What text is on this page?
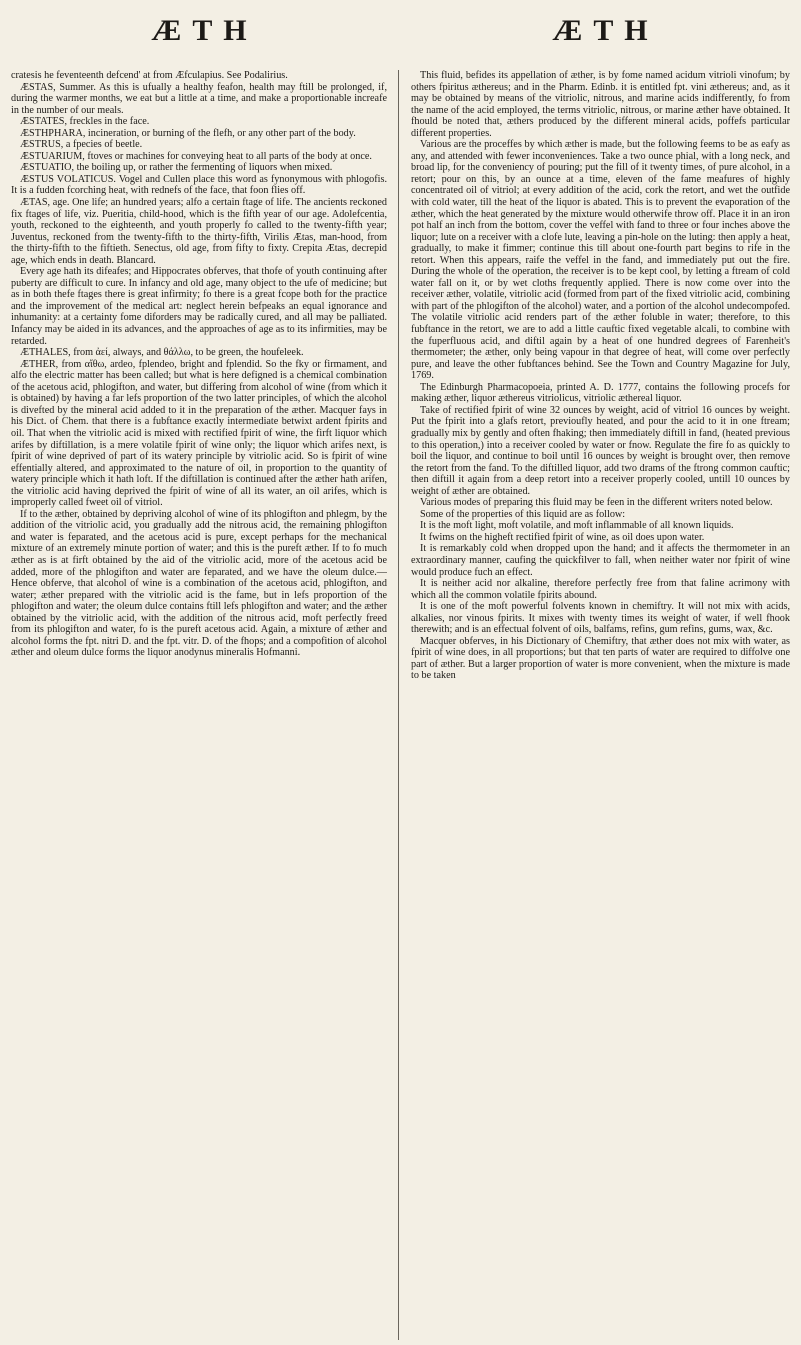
Æ T H	Æ T H

cratesis he feventeenth defcend' at from Æfculapius. See Podalirius.

ÆSTAS, Summer. As this is ufually a healthy feafon, health may ftill be prolonged, if, during the warmer months, we eat but a little at a time, and make a proportionable increafe in the number of our meals.

ÆSTATES, freckles in the face.

ÆSTHPHARA, incineration, or burning of the flefh, or any other part of the body.

ÆSTRUS, a fpecies of beetle.

ÆSTUARIUM, ftoves or machines for conveying heat to all parts of the body at once.

ÆSTUATIO, the boiling up, or rather the fermenting of liquors when mixed.

ÆSTUS VOLATICUS. Vogel and Cullen place this word as fynonymous with phlogofis. It is a fudden fcorching heat, with rednefs of the face, that foon flies off.

ÆTAS, age. One life; an hundred years; alfo a certain ftage of life. The ancients reckoned fix ftages of life, viz. Pueritia, child-hood, which is the fifth year of our age. Adolefcentia, youth, reckoned to the eighteenth, and youth properly fo called to the twenty-fifth year; Juventus, reckoned from the twenty-fifth to the thirty-fifth, Virilis Ætas, man-hood, from the thirty-fifth to the fiftieth. Senectus, old age, from fifty to fixty. Crepita Ætas, decrepid age, which ends in death. Blancard.

Every age hath its difeafes; and Hippocrates obferves, that thofe of youth continuing after puberty are difficult to cure. In infancy and old age, many object to the ufe of medicine; but as in both thefe ftages there is great infirmity; fo there is a great fcope both for the practice and the improvement of the medical art: neglect herein befpeaks an equal ignorance and inhumanity: at a certainty fome diforders may be radically cured, and all may be palliated. Infancy may be aided in its advances, and the approaches of age as to its infirmities, may be retarded.

ÆTHALES, from ἀεί, always, and θάλλω, to be green, the houfeleek.

ÆTHER, from αἴθω, ardeo, fplendeo, bright and fplendid. So the fky or firmament, and alfo the electric matter has been called; but what is here defigned is a chemical combination of the acetous acid, phlogifton, and water, but differing from alcohol of wine (from which it is obtained) by having a far lefs proportion of the two latter principles, of which the alcohol is divefted by the mineral acid added to it in the preparation of the æther. Macquer fays in his Dict. of Chem. that there is a fubftance exactly intermediate betwixt ardent fpirits and oil. That when the vitriolic acid is mixed with rectified fpirit of wine, the firft liquor which arifes by diftillation, is a mere volatile fpirit of wine only; the liquor which arifes next, is fpirit of wine deprived of part of its watery principle by vitriolic acid. So is fpirit of wine effentially altered, and approximated to the nature of oil, in proportion to the quantity of watery principle which it hath loft. If the diftillation is continued after the æther hath arifen, the vitriolic acid having deprived the fpirit of wine of all its water, an oil arifes, which is improperly called fweet oil of vitriol.

If to the æther, obtained by depriving alcohol of wine of its phlogifton and phlegm, by the addition of the vitriolic acid, you gradually add the nitrous acid, the remaining phlogifton and water is feparated, and the acetous acid is pure, except perhaps for the mechanical mixture of an extremely minute portion of water; and this is the pureft æther. If to fo much æther as is at firft obtained by the aid of the vitriolic acid, more of the acetous acid be added, more of the phlogifton and water are feparated, and we have the oleum dulce.—Hence obferve, that alcohol of wine is a combination of the acetous acid, phlogifton, and water; æther prepared with the vitriolic acid is the fame, but in lefs proportion of the phlogifton and water; the oleum dulce contains ftill lefs phlogifton and water; and the æther obtained by the vitriolic acid, with the addition of the nitrous acid, moft perfectly freed from its phlogifton and water, fo is the pureft acetous acid. Again, a mixture of æther and alcohol forms the fpt. nitri D. and the fpt. vitr. D. of the fhops; and a compofition of alcohol æther and oleum dulce forms the liquor anodynus mineralis Hofmanni.

This fluid, befides its appellation of æther, is by fome named acidum vitrioli vinofum; by others fpiritus æthereus; and in the Pharm. Edinb. it is entitled fpt. vini æthereus; and, as it may be obtained by means of the vitriolic, nitrous, and marine acids indifferently, fo from the name of the acid employed, the terms vitriolic, nitrous, or marine æther have obtained. It fhould be noted that, æthers produced by the different mineral acids, poffefs particular different properties.

Various are the proceffes by which æther is made, but the following feems to be as eafy as any, and attended with fewer inconveniences. Take a two ounce phial, with a long neck, and broad lip, for the conveniency of pouring; put the fill of it twenty times, of pure alcohol, in a retort; pour on this, by an ounce at a time, eleven of the fame meafures of highly concentrated oil of vitriol; at every addition of the acid, cork the retort, and wet the outfide with cold water, till the heat of the liquor is abated. This is to prevent the evaporation of the æther, which the heat generated by the mixture would otherwife throw off. Place it in an iron pot half an inch from the bottom, cover the veffel with fand to three or four inches above the liquor; lute on a receiver with a clofe lute, leaving a pin-hole on the luting: then apply a heat, gradually, to make it fimmer; continue this till about one-fourth part begins to rife in the retort. When this appears, raife the veffel in the fand, and immediately put out the fire. During the whole of the operation, the receiver is to be kept cool, by letting a ftream of cold water fall on it, or by wet cloths frequently applied. There is now come over into the receiver æther, volatile, vitriolic acid (formed from part of the fixed vitriolic acid, combining with part of the phlogifton of the alcohol) water, and a portion of the alcohol undecompofed. The volatile vitriolic acid renders part of the æther foluble in water; therefore, to this fubftance in the retort, we are to add a little cauftic fixed vegetable alcali, to combine with the fuperfluous acid, and diftil again by a heat of one hundred degrees of Farenheit's thermometer; the æther, only being vapour in that degree of heat, will come over perfectly pure, and leave the other fubftances behind. See the Town and Country Magazine for July, 1769.

The Edinburgh Pharmacopoeia, printed A. D. 1777, contains the following procefs for making æther, liquor æthereus vitriolicus, vitriolic æthereal liquor.

Take of rectified fpirit of wine 32 ounces by weight, acid of vitriol 16 ounces by weight. Put the fpirit into a glafs retort, previoufly heated, and pour the acid to it in one ftream; gradually mix by gently and often fhaking; then immediately diftill in fand, (heated previous to this operation,) into a receiver cooled by water or fnow. Regulate the fire fo as quickly to boil the liquor, and continue to boil until 16 ounces by weight is brought over, then remove the retort from the fand. To the diftilled liquor, add two drams of the ftrong common cauftic; then diftill it again from a deep retort into a receiver properly cooled, untill 10 ounces by weight of æther are obtained.

Various modes of preparing this fluid may be feen in the different writers noted below.

Some of the properties of this liquid are as follow:

It is the moft light, moft volatile, and moft inflammable of all known liquids.

It fwims on the higheft rectified fpirit of wine, as oil does upon water.

It is remarkably cold when dropped upon the hand; and it affects the thermometer in an extraordinary manner, caufing the quickfilver to fall, when neither water nor fpirit of wine would produce fuch an effect.

It is neither acid nor alkaline, therefore perfectly free from that faline acrimony with which all the common volatile fpirits abound.

It is one of the moft powerful folvents known in chemiftry. It will not mix with acids, alkalies, nor vinous fpirits. It mixes with twenty times its weight of water, if well fhook therewith; and is an effectual folvent of oils, balfams, refins, gum refins, gums, wax, &c.

Macquer obferves, in his Dictionary of Chemiftry, that æther does not mix with water, as fpirit of wine does, in all proportions; but that ten parts of water are required to diffolve one part of æther. But a larger proportion of water is more convenient, when the mixture is made to be taken
